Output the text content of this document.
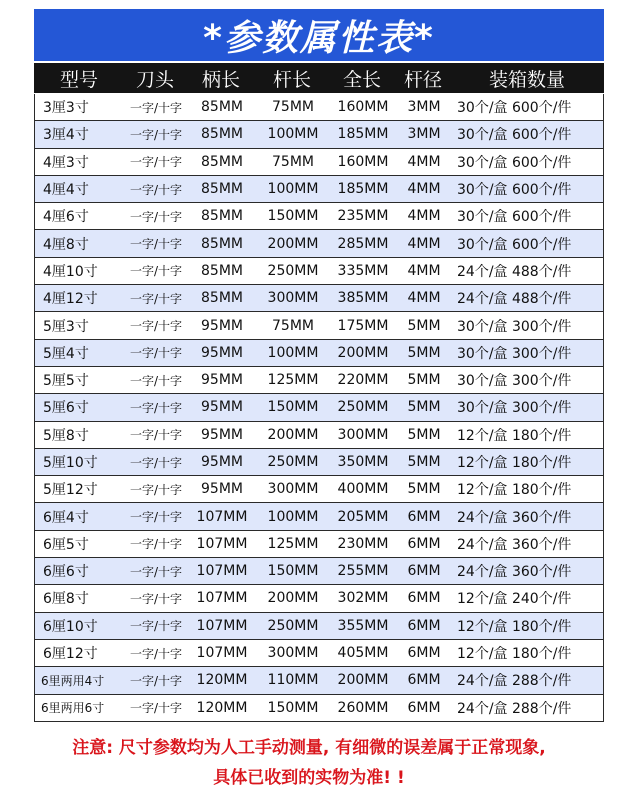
*参数属性表*
型号	刀头	柄长	杆长	全长	杆径	装箱数量
3厘3寸	一字/十字	85MM	75MM	160MM	3MM	30个/盒 600个/件
3厘4寸	一字/十字	85MM	100MM	185MM	3MM	30个/盒 600个/件
4厘3寸	一字/十字	85MM	75MM	160MM	4MM	30个/盒 600个/件
4厘4寸	一字/十字	85MM	100MM	185MM	4MM	30个/盒 600个/件
4厘6寸	一字/十字	85MM	150MM	235MM	4MM	30个/盒 600个/件
4厘8寸	一字/十字	85MM	200MM	285MM	4MM	30个/盒 600个/件
4厘10寸	一字/十字	85MM	250MM	335MM	4MM	24个/盒 488个/件
4厘12寸	一字/十字	85MM	300MM	385MM	4MM	24个/盒 488个/件
5厘3寸	一字/十字	95MM	75MM	175MM	5MM	30个/盒 300个/件
5厘4寸	一字/十字	95MM	100MM	200MM	5MM	30个/盒 300个/件
5厘5寸	一字/十字	95MM	125MM	220MM	5MM	30个/盒 300个/件
5厘6寸	一字/十字	95MM	150MM	250MM	5MM	30个/盒 300个/件
5厘8寸	一字/十字	95MM	200MM	300MM	5MM	12个/盒 180个/件
5厘10寸	一字/十字	95MM	250MM	350MM	5MM	12个/盒 180个/件
5厘12寸	一字/十字	95MM	300MM	400MM	5MM	12个/盒 180个/件
6厘4寸	一字/十字	107MM	100MM	205MM	6MM	24个/盒 360个/件
6厘5寸	一字/十字	107MM	125MM	230MM	6MM	24个/盒 360个/件
6厘6寸	一字/十字	107MM	150MM	255MM	6MM	24个/盒 360个/件
6厘8寸	一字/十字	107MM	200MM	302MM	6MM	12个/盒 240个/件
6厘10寸	一字/十字	107MM	250MM	355MM	6MM	12个/盒 180个/件
6厘12寸	一字/十字	107MM	300MM	405MM	6MM	12个/盒 180个/件
6里两用4寸	一字/十字	120MM	110MM	200MM	6MM	24个/盒 288个/件
6里两用6寸	一字/十字	120MM	150MM	260MM	6MM	24个/盒 288个/件
注意: 尺寸参数均为人工手动测量, 有细微的误差属于正常现象,
具体已收到的实物为准! !
